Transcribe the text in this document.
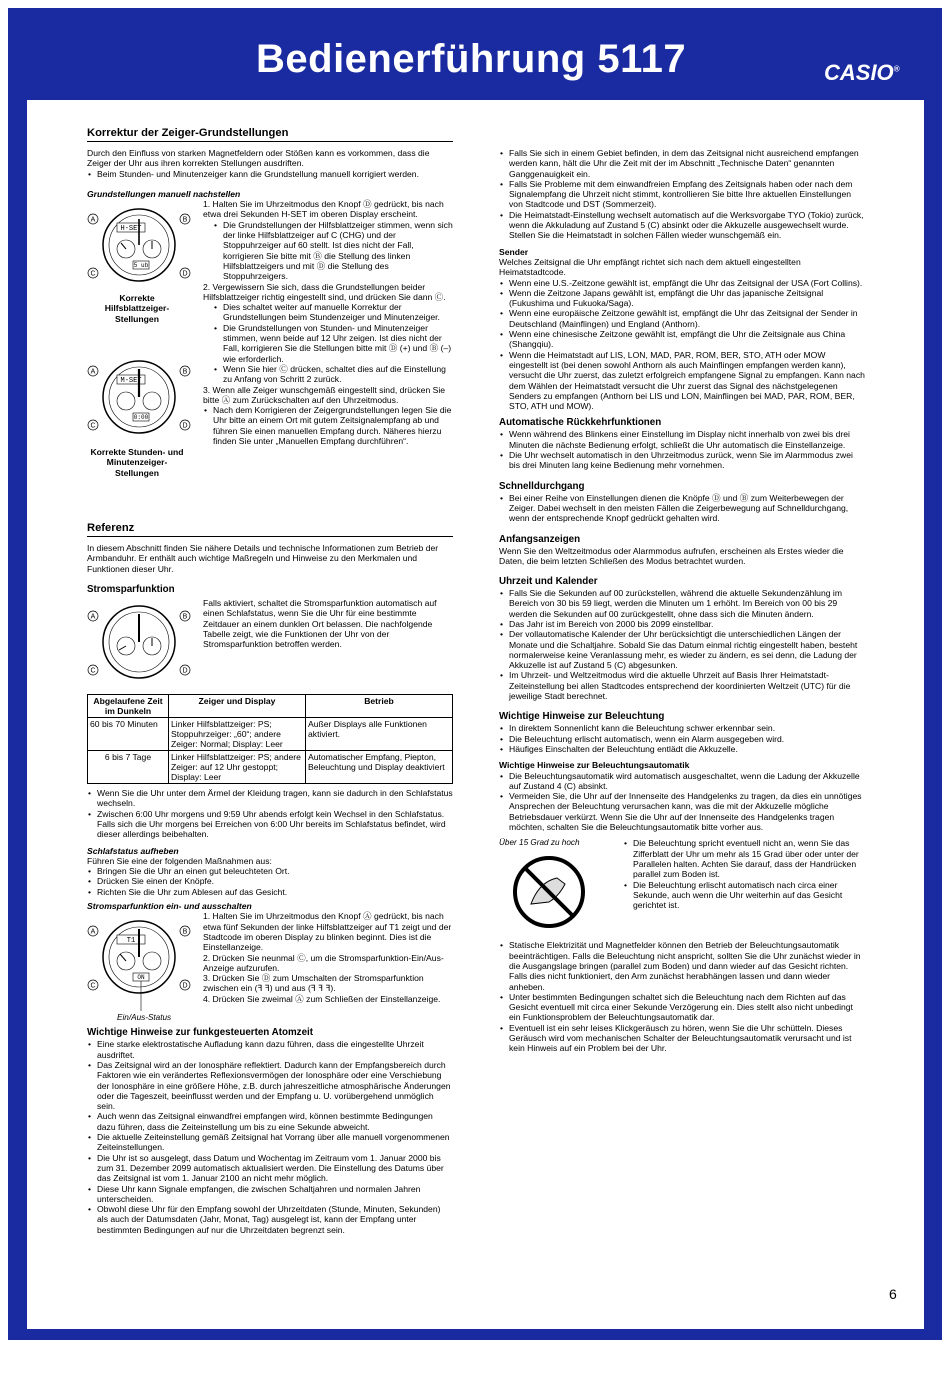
Bedienerführung 5117	CASIO®
Korrektur der Zeiger-Grundstellungen

Durch den Einfluss von starken Magnetfeldern oder Stößen kann es vorkommen, dass die Zeiger der Uhr aus ihren korrekten Stellungen ausdriften.

• Beim Stunden- und Minutenzeiger kann die Grundstellung manuell korrigiert werden.
Grundstellungen manuell nachstellen
H-SET
5 ub
M-SET
0:00
A	B
C	D
A	B
C	D
Korrekte Hilfsblattzeiger-Stellungen
Korrekte Stunden- und Minutenzeiger-Stellungen

1. Halten Sie im Uhrzeitmodus den Knopf Ⓓ gedrückt, bis nach etwa drei Sekunden H-SET im oberen Display erscheint.

• Die Grundstellungen der Hilfsblattzeiger stimmen, wenn sich der linke Hilfsblattzeiger auf C (CHG) und der Stoppuhrzeiger auf 60 stellt. Ist dies nicht der Fall, korrigieren Sie bitte mit Ⓑ die Stellung des linken Hilfsblattzeigers und mit Ⓓ die Stellung des Stoppuhrzeigers.

2. Vergewissern Sie sich, dass die Grundstellungen beider Hilfsblattzeiger richtig eingestellt sind, und drücken Sie dann Ⓒ.

• Dies schaltet weiter auf manuelle Korrektur der Grundstellungen beim Stundenzeiger und Minutenzeiger.
• Die Grundstellungen von Stunden- und Minutenzeiger stimmen, wenn beide auf 12 Uhr zeigen. Ist dies nicht der Fall, korrigieren Sie die Stellungen bitte mit Ⓓ (+) und Ⓑ (–) wie erforderlich.
• Wenn Sie hier Ⓒ drücken, schaltet dies auf die Einstellung zu Anfang von Schritt 2 zurück.

3. Wenn alle Zeiger wunschgemäß eingestellt sind, drücken Sie bitte Ⓐ zum Zurückschalten auf den Uhrzeitmodus.

• Nach dem Korrigieren der Zeigergrundstellungen legen Sie die Uhr bitte an einem Ort mit gutem Zeitsignalempfang ab und führen Sie einen manuellen Empfang durch. Näheres hierzu finden Sie unter „Manuellen Empfang durchführen“.
Referenz

In diesem Abschnitt finden Sie nähere Details und technische Informationen zum Betrieb der Armbanduhr. Er enthält auch wichtige Maßregeln und Hinweise zu den Merkmalen und Funktionen dieser Uhr.

Stromsparfunktion
A	B
C	D

Falls aktiviert, schaltet die Stromsparfunktion automatisch auf einen Schlafstatus, wenn Sie die Uhr für eine bestimmte Zeitdauer an einem dunklen Ort belassen. Die nachfolgende Tabelle zeigt, wie die Funktionen der Uhr von der Stromsparfunktion betroffen werden.

Abgelaufene Zeit im Dunkeln	Zeiger und Display	Betrieb
60 bis 70 Minuten	Linker Hilfsblattzeiger: PS; Stoppuhrzeiger: „60“; andere Zeiger: Normal; Display: Leer	Außer Displays alle Funktionen aktiviert.
6 bis 7 Tage	Linker Hilfsblattzeiger: PS; andere Zeiger: auf 12 Uhr gestoppt; Display: Leer	Automatischer Empfang, Piepton, Beleuchtung und Display deaktiviert
• Wenn Sie die Uhr unter dem Ärmel der Kleidung tragen, kann sie dadurch in den Schlafstatus wechseln.
• Zwischen 6:00 Uhr morgens und 9:59 Uhr abends erfolgt kein Wechsel in den Schlafstatus. Falls sich die Uhr morgens bei Erreichen von 6:00 Uhr bereits im Schlafstatus befindet, wird dieser allerdings beibehalten.
Schlafstatus aufheben

Führen Sie eine der folgenden Maßnahmen aus:

• Bringen Sie die Uhr an einen gut beleuchteten Ort.
• Drücken Sie einen der Knöpfe.
• Richten Sie die Uhr zum Ablesen auf das Gesicht.
Stromsparfunktion ein- und ausschalten
T1
ON
A	B
C	D
Ein/Aus-Status

1. Halten Sie im Uhrzeitmodus den Knopf Ⓐ gedrückt, bis nach etwa fünf Sekunden der linke Hilfsblattzeiger auf T1 zeigt und der Stadtcode im oberen Display zu blinken beginnt. Dies ist die Einstellanzeige.

2. Drücken Sie neunmal Ⓒ, um die Stromsparfunktion-Ein/Aus-Anzeige aufzurufen.

3. Drücken Sie Ⓓ zum Umschalten der Stromsparfunktion zwischen ein (ꟻ ꟻ) und aus (ꟻ ꟻ ꟻ).

4. Drücken Sie zweimal Ⓐ zum Schließen der Einstellanzeige.

Wichtige Hinweise zur funkgesteuerten Atomzeit
• Eine starke elektrostatische Aufladung kann dazu führen, dass die eingestellte Uhrzeit ausdriftet.
• Das Zeitsignal wird an der Ionosphäre reflektiert. Dadurch kann der Empfangsbereich durch Faktoren wie ein verändertes Reflexionsvermögen der Ionosphäre oder eine Verschiebung der Ionosphäre in eine größere Höhe, z.B. durch jahreszeitliche atmosphärische Änderungen oder die Tageszeit, beeinflusst werden und der Empfang u. U. vorübergehend unmöglich sein.
• Auch wenn das Zeitsignal einwandfrei empfangen wird, können bestimmte Bedingungen dazu führen, dass die Zeiteinstellung um bis zu eine Sekunde abweicht.
• Die aktuelle Zeiteinstellung gemäß Zeitsignal hat Vorrang über alle manuell vorgenommenen Zeiteinstellungen.
• Die Uhr ist so ausgelegt, dass Datum und Wochentag im Zeitraum vom 1. Januar 2000 bis zum 31. Dezember 2099 automatisch aktualisiert werden. Die Einstellung des Datums über das Zeitsignal ist vom 1. Januar 2100 an nicht mehr möglich.
• Diese Uhr kann Signale empfangen, die zwischen Schaltjahren und normalen Jahren unterscheiden.
• Obwohl diese Uhr für den Empfang sowohl der Uhrzeitdaten (Stunde, Minuten, Sekunden) als auch der Datumsdaten (Jahr, Monat, Tag) ausgelegt ist, kann der Empfang unter bestimmten Bedingungen auf nur die Uhrzeitdaten begrenzt sein.
• Falls Sie sich in einem Gebiet befinden, in dem das Zeitsignal nicht ausreichend empfangen werden kann, hält die Uhr die Zeit mit der im Abschnitt „Technische Daten“ genannten Ganggenauigkeit ein.
• Falls Sie Probleme mit dem einwandfreien Empfang des Zeitsignals haben oder nach dem Signalempfang die Uhrzeit nicht stimmt, kontrollieren Sie bitte Ihre aktuellen Einstellungen von Stadtcode und DST (Sommerzeit).
• Die Heimatstadt-Einstellung wechselt automatisch auf die Werksvorgabe TYO (Tokio) zurück, wenn die Akkuladung auf Zustand 5 (C) absinkt oder die Akkuzelle ausgewechselt wurde. Stellen Sie die Heimatstadt in solchen Fällen wieder wunschgemäß ein.
Sender

Welches Zeitsignal die Uhr empfängt richtet sich nach dem aktuell eingestellten Heimatstadtcode.

• Wenn eine U.S.-Zeitzone gewählt ist, empfängt die Uhr das Zeitsignal der USA (Fort Collins).
• Wenn die Zeitzone Japans gewählt ist, empfängt die Uhr das japanische Zeitsignal (Fukushima und Fukuoka/Saga).
• Wenn eine europäische Zeitzone gewählt ist, empfängt die Uhr das Zeitsignal der Sender in Deutschland (Mainflingen) und England (Anthorn).
• Wenn eine chinesische Zeitzone gewählt ist, empfängt die Uhr die Zeitsignale aus China (Shangqiu).
• Wenn die Heimatstadt auf LIS, LON, MAD, PAR, ROM, BER, STO, ATH oder MOW eingestellt ist (bei denen sowohl Anthorn als auch Mainflingen empfangen werden kann), versucht die Uhr zuerst, das zuletzt erfolgreich empfangene Signal zu empfangen. Kann nach dem Wählen der Heimatstadt versucht die Uhr zuerst das Signal des nächstgelegenen Senders zu empfangen (Anthorn bei LIS und LON, Mainflingen bei MAD, PAR, ROM, BER, STO, ATH und MOW).
Automatische Rückkehrfunktionen
• Wenn während des Blinkens einer Einstellung im Display nicht innerhalb von zwei bis drei Minuten die nächste Bedienung erfolgt, schließt die Uhr automatisch die Einstellanzeige.
• Die Uhr wechselt automatisch in den Uhrzeitmodus zurück, wenn Sie im Alarmmodus zwei bis drei Minuten lang keine Bedienung mehr vornehmen.
Schnelldurchgang
• Bei einer Reihe von Einstellungen dienen die Knöpfe Ⓓ und Ⓑ zum Weiterbewegen der Zeiger. Dabei wechselt in den meisten Fällen die Zeigerbewegung auf Schnelldurchgang, wenn der entsprechende Knopf gedrückt gehalten wird.
Anfangsanzeigen

Wenn Sie den Weltzeitmodus oder Alarmmodus aufrufen, erscheinen als Erstes wieder die Daten, die beim letzten Schließen des Modus betrachtet wurden.

Uhrzeit und Kalender
• Falls Sie die Sekunden auf 00 zurückstellen, während die aktuelle Sekundenzählung im Bereich von 30 bis 59 liegt, werden die Minuten um 1 erhöht. Im Bereich von 00 bis 29 werden die Sekunden auf 00 zurückgestellt, ohne dass sich die Minuten ändern.
• Das Jahr ist im Bereich von 2000 bis 2099 einstellbar.
• Der vollautomatische Kalender der Uhr berücksichtigt die unterschiedlichen Längen der Monate und die Schaltjahre. Sobald Sie das Datum einmal richtig eingestellt haben, besteht normalerweise keine Veranlassung mehr, es wieder zu ändern, es sei denn, die Ladung der Akkuzelle ist auf Zustand 5 (C) abgesunken.
• Im Uhrzeit- und Weltzeitmodus wird die aktuelle Uhrzeit auf Basis Ihrer Heimatstadt-Zeiteinstellung bei allen Stadtcodes entsprechend der koordinierten Weltzeit (UTC) für die jeweilige Stadt berechnet.
Wichtige Hinweise zur Beleuchtung
• In direktem Sonnenlicht kann die Beleuchtung schwer erkennbar sein.
• Die Beleuchtung erlischt automatisch, wenn ein Alarm ausgegeben wird.
• Häufiges Einschalten der Beleuchtung entlädt die Akkuzelle.
Wichtige Hinweise zur Beleuchtungsautomatik
• Die Beleuchtungsautomatik wird automatisch ausgeschaltet, wenn die Ladung der Akkuzelle auf Zustand 4 (C) absinkt.
• Vermeiden Sie, die Uhr auf der Innenseite des Handgelenks zu tragen, da dies ein unnötiges Ansprechen der Beleuchtung verursachen kann, was die mit der Akkuzelle mögliche Betriebsdauer verkürzt. Wenn Sie die Uhr auf der Innenseite des Handgelenks tragen möchten, schalten Sie die Beleuchtungsautomatik bitte vorher aus.
Über 15 Grad zu hoch	• Die Beleuchtung spricht eventuell nicht an, wenn Sie das Zifferblatt der Uhr um mehr als 15 Grad über oder unter der Parallelen halten. Achten Sie darauf, dass der Handrücken parallel zum Boden ist.
• Die Beleuchtung erlischt automatisch nach circa einer Sekunde, auch wenn die Uhr weiterhin auf das Gesicht gerichtet ist.
• Statische Elektrizität und Magnetfelder können den Betrieb der Beleuchtungsautomatik beeinträchtigen. Falls die Beleuchtung nicht anspricht, sollten Sie die Uhr zunächst wieder in die Ausgangslage bringen (parallel zum Boden) und dann wieder auf das Gesicht richten. Falls dies nicht funktioniert, den Arm zunächst herabhängen lassen und dann wieder anheben.
• Unter bestimmten Bedingungen schaltet sich die Beleuchtung nach dem Richten auf das Gesicht eventuell mit circa einer Sekunde Verzögerung ein. Dies stellt also nicht unbedingt ein Funktionsproblem der Beleuchtungsautomatik dar.
• Eventuell ist ein sehr leises Klickgeräusch zu hören, wenn Sie die Uhr schütteln. Dieses Geräusch wird vom mechanischen Schalter der Beleuchtungsautomatik verursacht und ist kein Hinweis auf ein Problem bei der Uhr.
6
